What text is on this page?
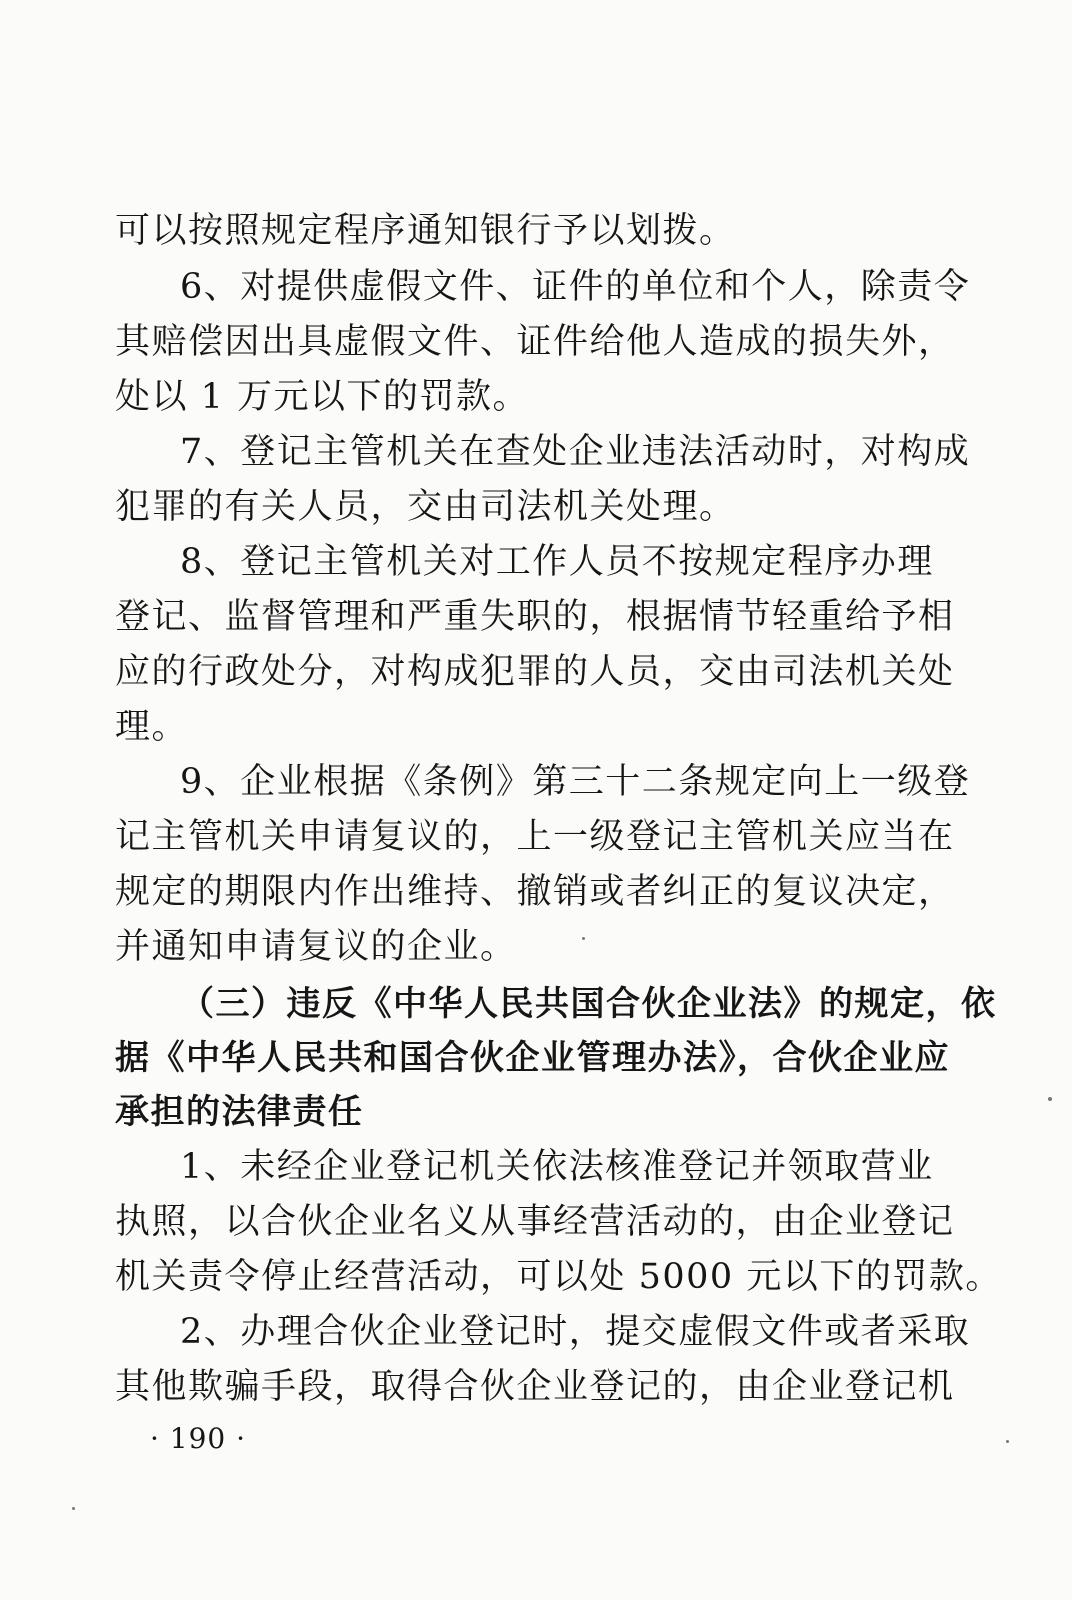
可以按照规定程序通知银行予以划拨。
6、对提供虚假文件、证件的单位和个人，除责令
其赔偿因出具虚假文件、证件给他人造成的损失外，
处以 1 万元以下的罚款。
7、登记主管机关在查处企业违法活动时，对构成
犯罪的有关人员，交由司法机关处理。
8、登记主管机关对工作人员不按规定程序办理
登记、监督管理和严重失职的，根据情节轻重给予相
应的行政处分，对构成犯罪的人员，交由司法机关处
理。
9、企业根据《条例》第三十二条规定向上一级登
记主管机关申请复议的，上一级登记主管机关应当在
规定的期限内作出维持、撤销或者纠正的复议决定，
并通知申请复议的企业。
（三）违反《中华人民共国合伙企业法》的规定，依
据《中华人民共和国合伙企业管理办法》，合伙企业应
承担的法律责任
1、未经企业登记机关依法核准登记并领取营业
执照，以合伙企业名义从事经营活动的，由企业登记
机关责令停止经营活动，可以处 5000 元以下的罚款。
2、办理合伙企业登记时，提交虚假文件或者采取
其他欺骗手段，取得合伙企业登记的，由企业登记机
· 190 ·
